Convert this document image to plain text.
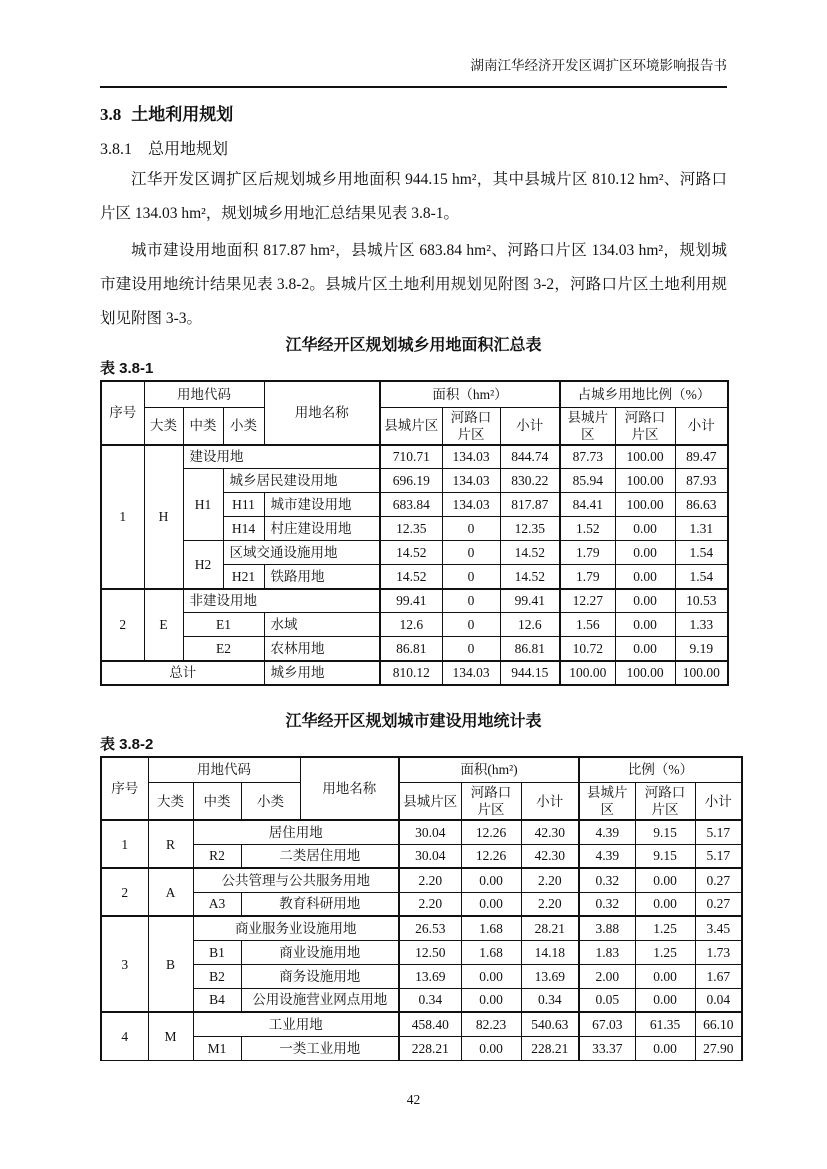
湖南江华经济开发区调扩区环境影响报告书
3.8 土地利用规划
3.8.1 总用地规划

江华开发区调扩区后规划城乡用地面积 944.15 hm²，其中县城片区 810.12 hm²、河路口片区 134.03 hm²，规划城乡用地汇总结果见表 3.8-1。

城市建设用地面积 817.87 hm²，县城片区 683.84 hm²、河路口片区 134.03 hm²，规划城市建设用地统计结果见表 3.8-2。县城片区土地利用规划见附图 3-2，河路口片区土地利用规划见附图 3-3。

江华经开区规划城乡用地面积汇总表

表 3.8-1

序号	用地代码			用地名称	面积（hm²）			占城乡用地比例（%）		
	大类	中类	小类		县城片区	河路口片区	小计	县城片区	河路口片区	小计
1	H	建设用地			710.71	134.03	844.74	87.73	100.00	89.47
		H1	城乡居民建设用地		696.19	134.03	830.22	85.94	100.00	87.93
			H11	城市建设用地	683.84	134.03	817.87	84.41	100.00	86.63
			H14	村庄建设用地	12.35	0	12.35	1.52	0.00	1.31
		H2	区域交通设施用地		14.52	0	14.52	1.79	0.00	1.54
			H21	铁路用地	14.52	0	14.52	1.79	0.00	1.54
2	E	非建设用地			99.41	0	99.41	12.27	0.00	10.53
		E1		水域	12.6	0	12.6	1.56	0.00	1.33
		E2		农林用地	86.81	0	86.81	10.72	0.00	9.19
总计				城乡用地	810.12	134.03	944.15	100.00	100.00	100.00

江华经开区规划城市建设用地统计表

表 3.8-2

序号	用地代码			用地名称	面积(hm²)			比例（%）		
	大类	中类	小类		县城片区	河路口片区	小计	县城片区	河路口片区	小计
1	R	居住用地			30.04	12.26	42.30	4.39	9.15	5.17
		R2	二类居住用地		30.04	12.26	42.30	4.39	9.15	5.17
2	A	公共管理与公共服务用地			2.20	0.00	2.20	0.32	0.00	0.27
		A3	教育科研用地		2.20	0.00	2.20	0.32	0.00	0.27
3	B	商业服务业设施用地			26.53	1.68	28.21	3.88	1.25	3.45
		B1	商业设施用地		12.50	1.68	14.18	1.83	1.25	1.73
		B2	商务设施用地		13.69	0.00	13.69	2.00	0.00	1.67
		B4	公用设施营业网点用地		0.34	0.00	0.34	0.05	0.00	0.04
4	M	工业用地			458.40	82.23	540.63	67.03	61.35	66.10
		M1	一类工业用地		228.21	0.00	228.21	33.37	0.00	27.90
42
